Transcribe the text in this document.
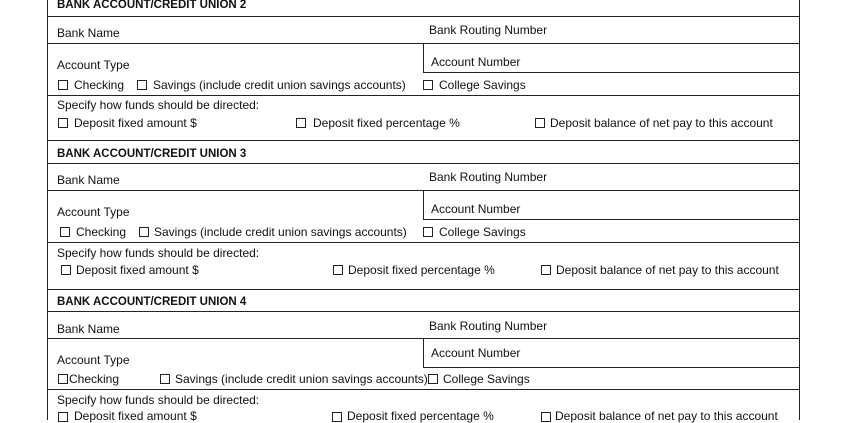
BANK ACCOUNT/CREDIT UNION 2
Bank Name	Bank Routing Number
Account Type	Account Number
Checking Savings (include credit union savings accounts)	College Savings
Specify how funds should be directed:
Deposit fixed amount $	Deposit fixed percentage %	Deposit balance of net pay to this account
BANK ACCOUNT/CREDIT UNION 3
Bank Name	Bank Routing Number
Account Type	Account Number
Checking Savings (include credit union savings accounts)	College Savings
Specify how funds should be directed:
Deposit fixed amount $	Deposit fixed percentage %	Deposit balance of net pay to this account
BANK ACCOUNT/CREDIT UNION 4
Bank Name	Bank Routing Number
Account Type	Account Number
Checking	Savings (include credit union savings accounts) College Savings
Specify how funds should be directed:
Deposit fixed amount $	Deposit fixed percentage %	Deposit balance of net pay to this account
